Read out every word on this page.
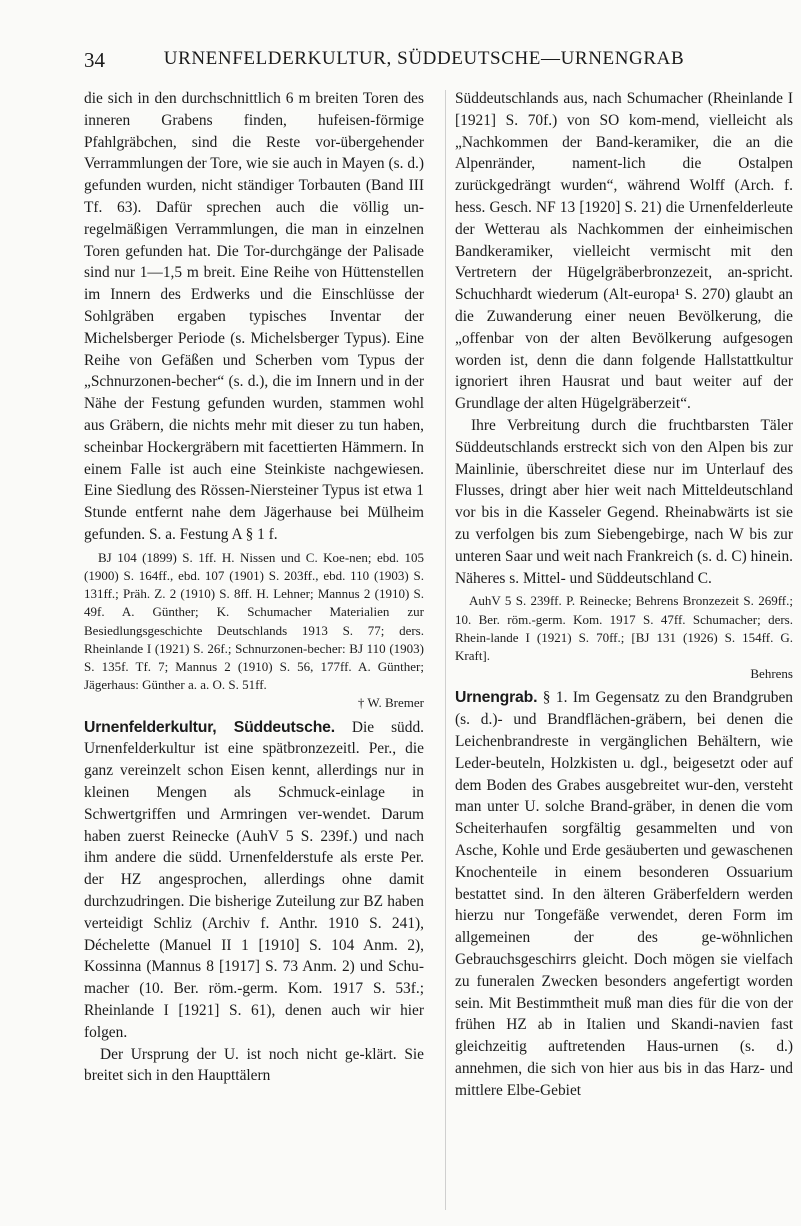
34	URNENFELDERKULTUR, SÜDDEUTSCHE—URNENGRAB

die sich in den durchschnittlich 6 m breiten Toren des inneren Grabens finden, hufeisen-förmige Pfahlgräbchen, sind die Reste vor-übergehender Verrammlungen der Tore, wie sie auch in Mayen (s. d.) gefunden wurden, nicht ständiger Torbauten (Band III Tf. 63). Dafür sprechen auch die völlig un-regelmäßigen Verrammlungen, die man in einzelnen Toren gefunden hat. Die Tor-durchgänge der Palisade sind nur 1—1,5 m breit. Eine Reihe von Hüttenstellen im Innern des Erdwerks und die Einschlüsse der Sohlgräben ergaben typisches Inventar der Michelsberger Periode (s. Michelsberger Typus). Eine Reihe von Gefäßen und Scherben vom Typus der „Schnurzonen-becher“ (s. d.), die im Innern und in der Nähe der Festung gefunden wurden, stammen wohl aus Gräbern, die nichts mehr mit dieser zu tun haben, scheinbar Hockergräbern mit facettierten Hämmern. In einem Falle ist auch eine Steinkiste nachgewiesen. Eine Siedlung des Rössen-Niersteiner Typus ist etwa 1 Stunde entfernt nahe dem Jägerhause bei Mülheim gefunden. S. a. Festung A § 1 f.

BJ 104 (1899) S. 1ff. H. Nissen und C. Koe-nen; ebd. 105 (1900) S. 164ff., ebd. 107 (1901) S. 203ff., ebd. 110 (1903) S. 131ff.; Präh. Z. 2 (1910) S. 8ff. H. Lehner; Mannus 2 (1910) S. 49f. A. Günther; K. Schumacher Materialien zur Besiedlungsgeschichte Deutschlands 1913 S. 77; ders. Rheinlande I (1921) S. 26f.; Schnurzonen-becher: BJ 110 (1903) S. 135f. Tf. 7; Mannus 2 (1910) S. 56, 177ff. A. Günther; Jägerhaus: Günther a. a. O. S. 51ff.
† W. Bremer

Urnenfelderkultur, Süddeutsche. Die südd. Urnenfelderkultur ist eine spätbronzezeitl. Per., die ganz vereinzelt schon Eisen kennt, allerdings nur in kleinen Mengen als Schmuck-einlage in Schwertgriffen und Armringen ver-wendet. Darum haben zuerst Reinecke (AuhV 5 S. 239f.) und nach ihm andere die südd. Urnenfelderstufe als erste Per. der HZ angesprochen, allerdings ohne damit durchzudringen. Die bisherige Zuteilung zur BZ haben verteidigt Schliz (Archiv f. Anthr. 1910 S. 241), Déchelette (Manuel II 1 [1910] S. 104 Anm. 2), Kossinna (Mannus 8 [1917] S. 73 Anm. 2) und Schu-macher (10. Ber. röm.-germ. Kom. 1917 S. 53f.; Rheinlande I [1921] S. 61), denen auch wir hier folgen.

Der Ursprung der U. ist noch nicht ge-klärt. Sie breitet sich in den Haupttälern

Süddeutschlands aus, nach Schumacher (Rheinlande I [1921] S. 70f.) von SO kom-mend, vielleicht als „Nachkommen der Band-keramiker, die an die Alpenränder, nament-lich die Ostalpen zurückgedrängt wurden“, während Wolff (Arch. f. hess. Gesch. NF 13 [1920] S. 21) die Urnenfelderleute der Wetterau als Nachkommen der einheimischen Bandkeramiker, vielleicht vermischt mit den Vertretern der Hügelgräberbronzezeit, an-spricht. Schuchhardt wiederum (Alt-europa¹ S. 270) glaubt an die Zuwanderung einer neuen Bevölkerung, die „offenbar von der alten Bevölkerung aufgesogen worden ist, denn die dann folgende Hallstattkultur ignoriert ihren Hausrat und baut weiter auf der Grundlage der alten Hügelgräberzeit“.

Ihre Verbreitung durch die fruchtbarsten Täler Süddeutschlands erstreckt sich von den Alpen bis zur Mainlinie, überschreitet diese nur im Unterlauf des Flusses, dringt aber hier weit nach Mitteldeutschland vor bis in die Kasseler Gegend. Rheinabwärts ist sie zu verfolgen bis zum Siebengebirge, nach W bis zur unteren Saar und weit nach Frankreich (s. d. C) hinein. Näheres s. Mittel- und Süddeutschland C.

AuhV 5 S. 239ff. P. Reinecke; Behrens Bronzezeit S. 269ff.; 10. Ber. röm.-germ. Kom. 1917 S. 47ff. Schumacher; ders. Rhein-lande I (1921) S. 70ff.; [BJ 131 (1926) S. 154ff. G. Kraft].
Behrens

Urnengrab. § 1. Im Gegensatz zu den Brandgruben (s. d.)- und Brandflächen-gräbern, bei denen die Leichenbrandreste in vergänglichen Behältern, wie Leder-beuteln, Holzkisten u. dgl., beigesetzt oder auf dem Boden des Grabes ausgebreitet wur-den, versteht man unter U. solche Brand-gräber, in denen die vom Scheiterhaufen sorgfältig gesammelten und von Asche, Kohle und Erde gesäuberten und gewaschenen Knochenteile in einem besonderen Ossuarium bestattet sind. In den älteren Gräberfeldern werden hierzu nur Tongefäße verwendet, deren Form im allgemeinen der des ge-wöhnlichen Gebrauchsgeschirrs gleicht. Doch mögen sie vielfach zu funeralen Zwecken besonders angefertigt worden sein. Mit Bestimmtheit muß man dies für die von der frühen HZ ab in Italien und Skandi-navien fast gleichzeitig auftretenden Haus-urnen (s. d.) annehmen, die sich von hier aus bis in das Harz- und mittlere Elbe-Gebiet
